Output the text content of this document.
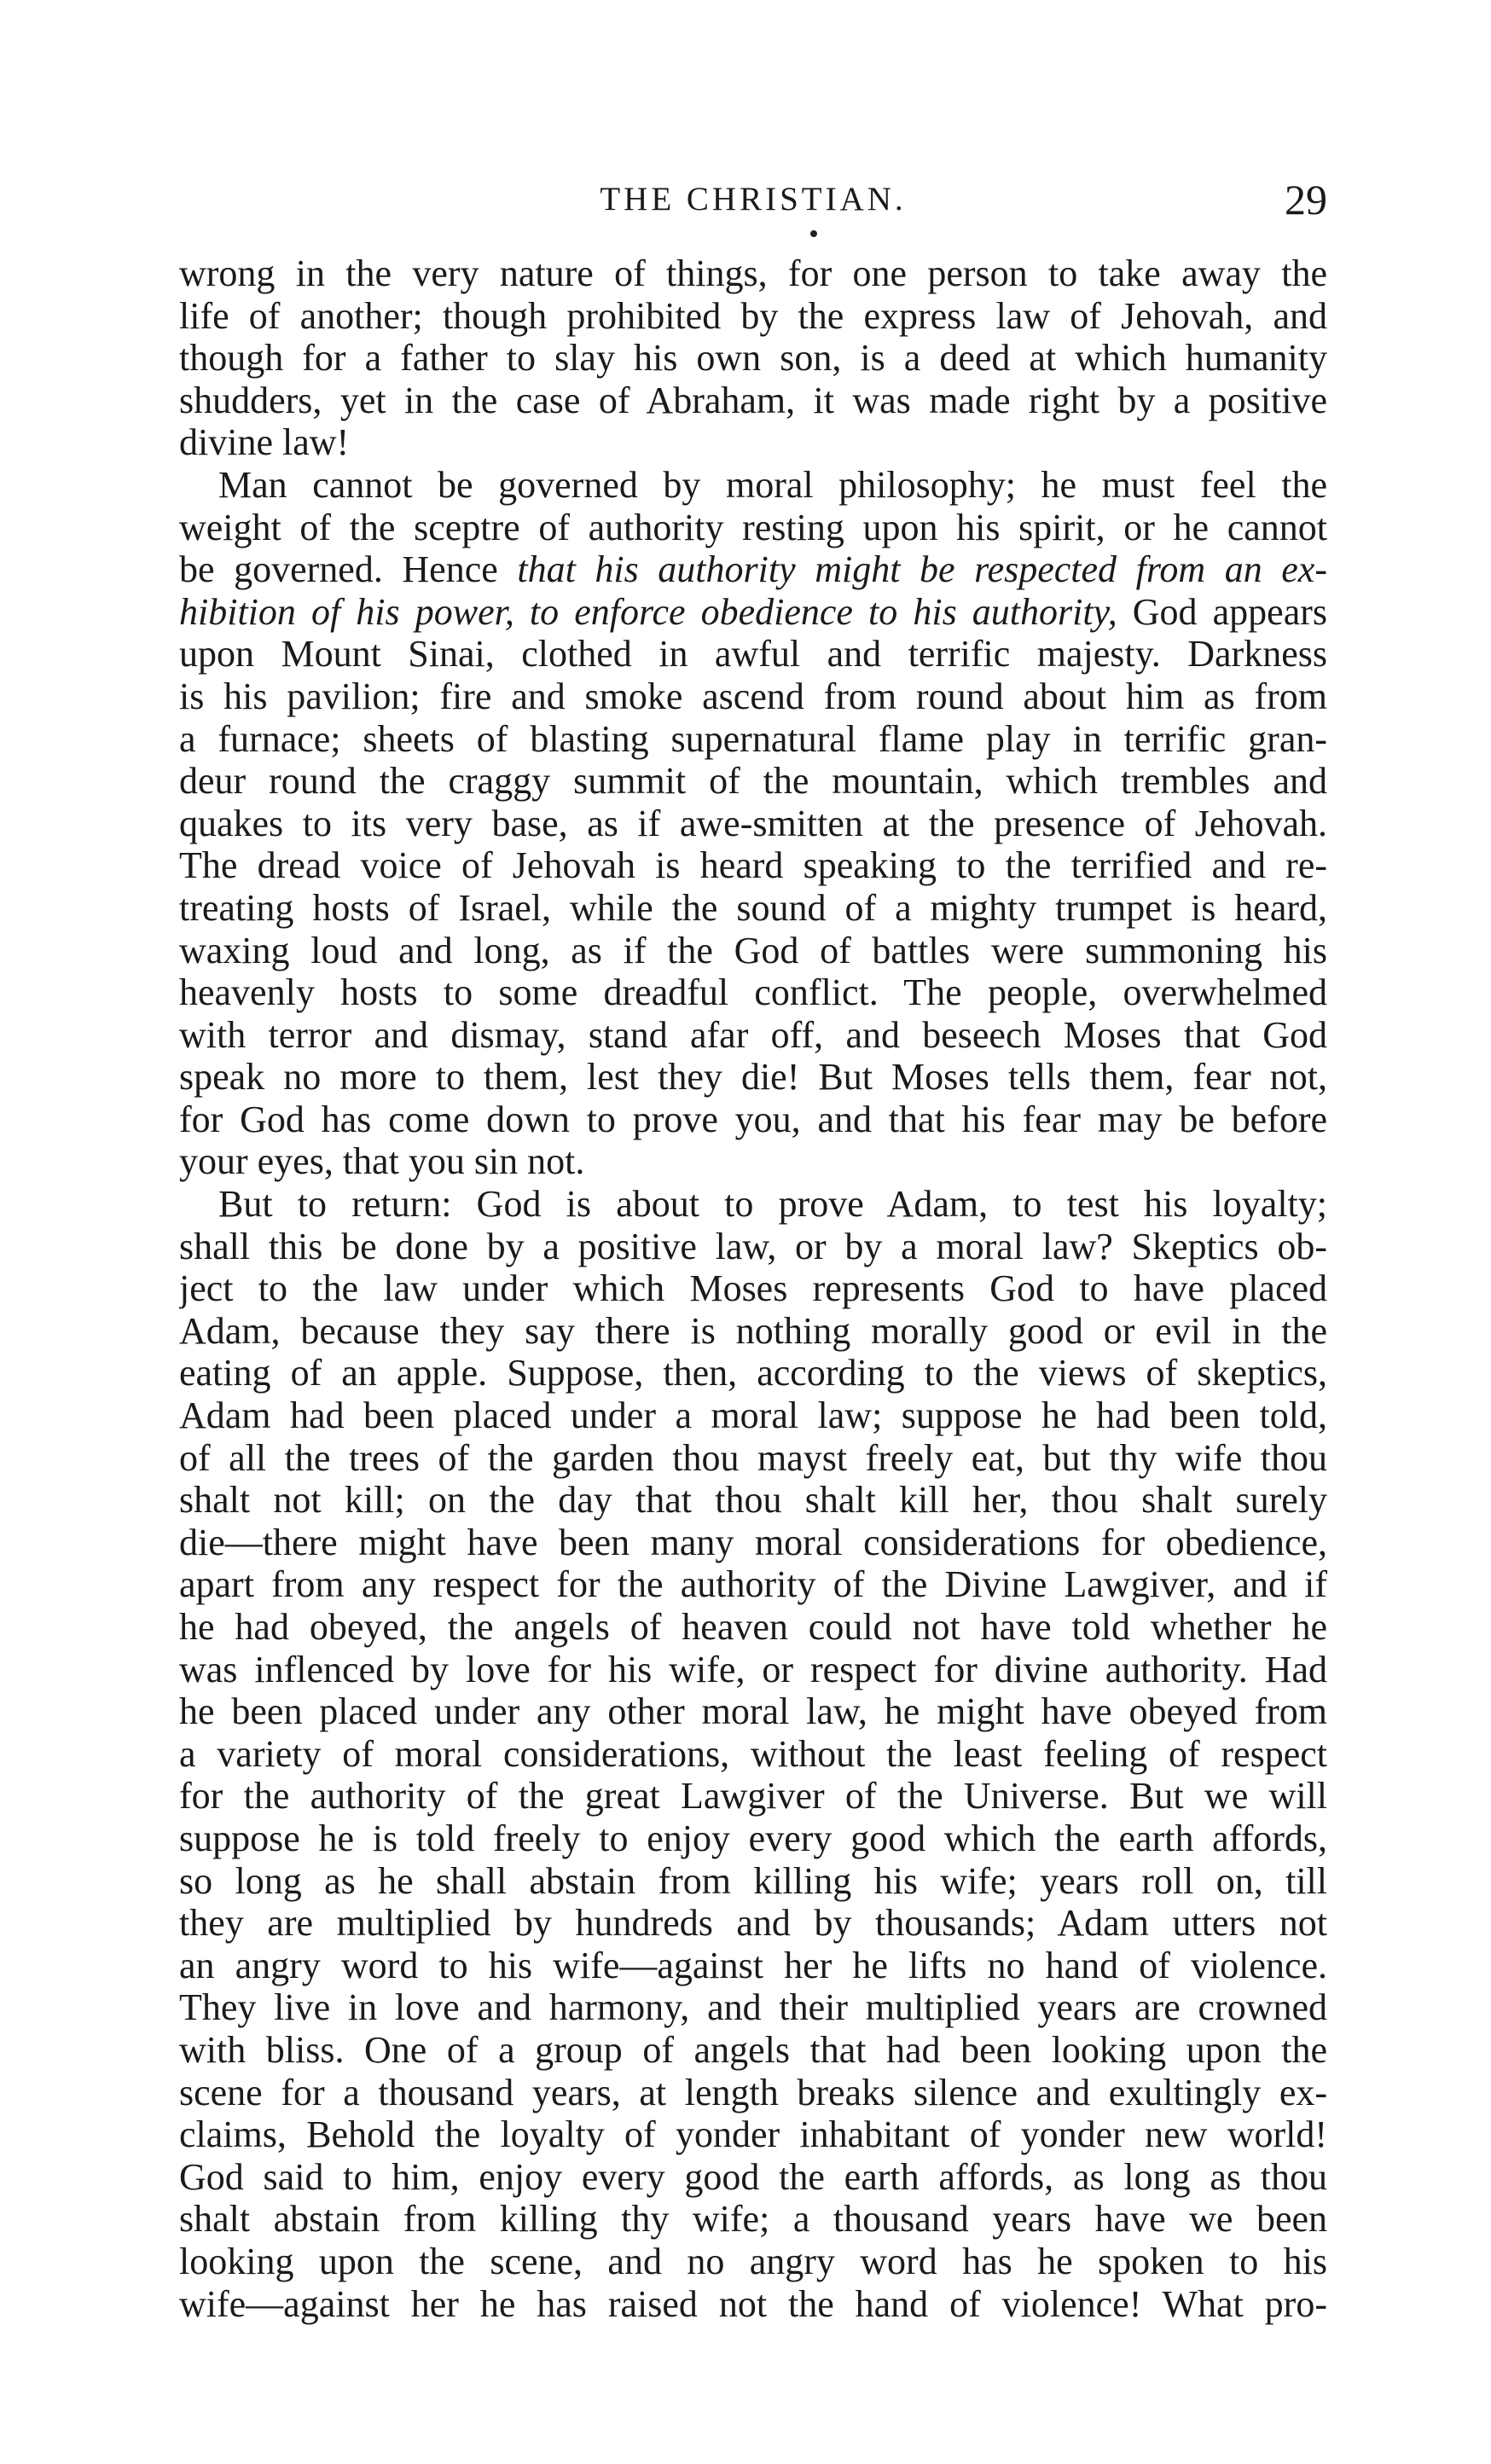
THE CHRISTIAN.	29
wrong in the very nature of things, for one person to take away the
life of another; though prohibited by the express law of Jehovah, and
though for a father to slay his own son, is a deed at which humanity
shudders, yet in the case of Abraham, it was made right by a positive
divine law!
Man cannot be governed by moral philosophy; he must feel the
weight of the sceptre of authority resting upon his spirit, or he cannot
be governed. Hence that his authority might be respected from an ex-
hibition of his power, to enforce obedience to his authority, God appears
upon Mount Sinai, clothed in awful and terrific majesty. Darkness
is his pavilion; fire and smoke ascend from round about him as from
a furnace; sheets of blasting supernatural flame play in terrific gran-
deur round the craggy summit of the mountain, which trembles and
quakes to its very base, as if awe-smitten at the presence of Jehovah.
The dread voice of Jehovah is heard speaking to the terrified and re-
treating hosts of Israel, while the sound of a mighty trumpet is heard,
waxing loud and long, as if the God of battles were summoning his
heavenly hosts to some dreadful conflict. The people, overwhelmed
with terror and dismay, stand afar off, and beseech Moses that God
speak no more to them, lest they die! But Moses tells them, fear not,
for God has come down to prove you, and that his fear may be before
your eyes, that you sin not.
But to return: God is about to prove Adam, to test his loyalty;
shall this be done by a positive law, or by a moral law? Skeptics ob-
ject to the law under which Moses represents God to have placed
Adam, because they say there is nothing morally good or evil in the
eating of an apple. Suppose, then, according to the views of skeptics,
Adam had been placed under a moral law; suppose he had been told,
of all the trees of the garden thou mayst freely eat, but thy wife thou
shalt not kill; on the day that thou shalt kill her, thou shalt surely
die—there might have been many moral considerations for obedience,
apart from any respect for the authority of the Divine Lawgiver, and if
he had obeyed, the angels of heaven could not have told whether he
was inflenced by love for his wife, or respect for divine authority. Had
he been placed under any other moral law, he might have obeyed from
a variety of moral considerations, without the least feeling of respect
for the authority of the great Lawgiver of the Universe. But we will
suppose he is told freely to enjoy every good which the earth affords,
so long as he shall abstain from killing his wife; years roll on, till
they are multiplied by hundreds and by thousands; Adam utters not
an angry word to his wife—against her he lifts no hand of violence.
They live in love and harmony, and their multiplied years are crowned
with bliss. One of a group of angels that had been looking upon the
scene for a thousand years, at length breaks silence and exultingly ex-
claims, Behold the loyalty of yonder inhabitant of yonder new world!
God said to him, enjoy every good the earth affords, as long as thou
shalt abstain from killing thy wife; a thousand years have we been
looking upon the scene, and no angry word has he spoken to his
wife—against her he has raised not the hand of violence! What pro-
